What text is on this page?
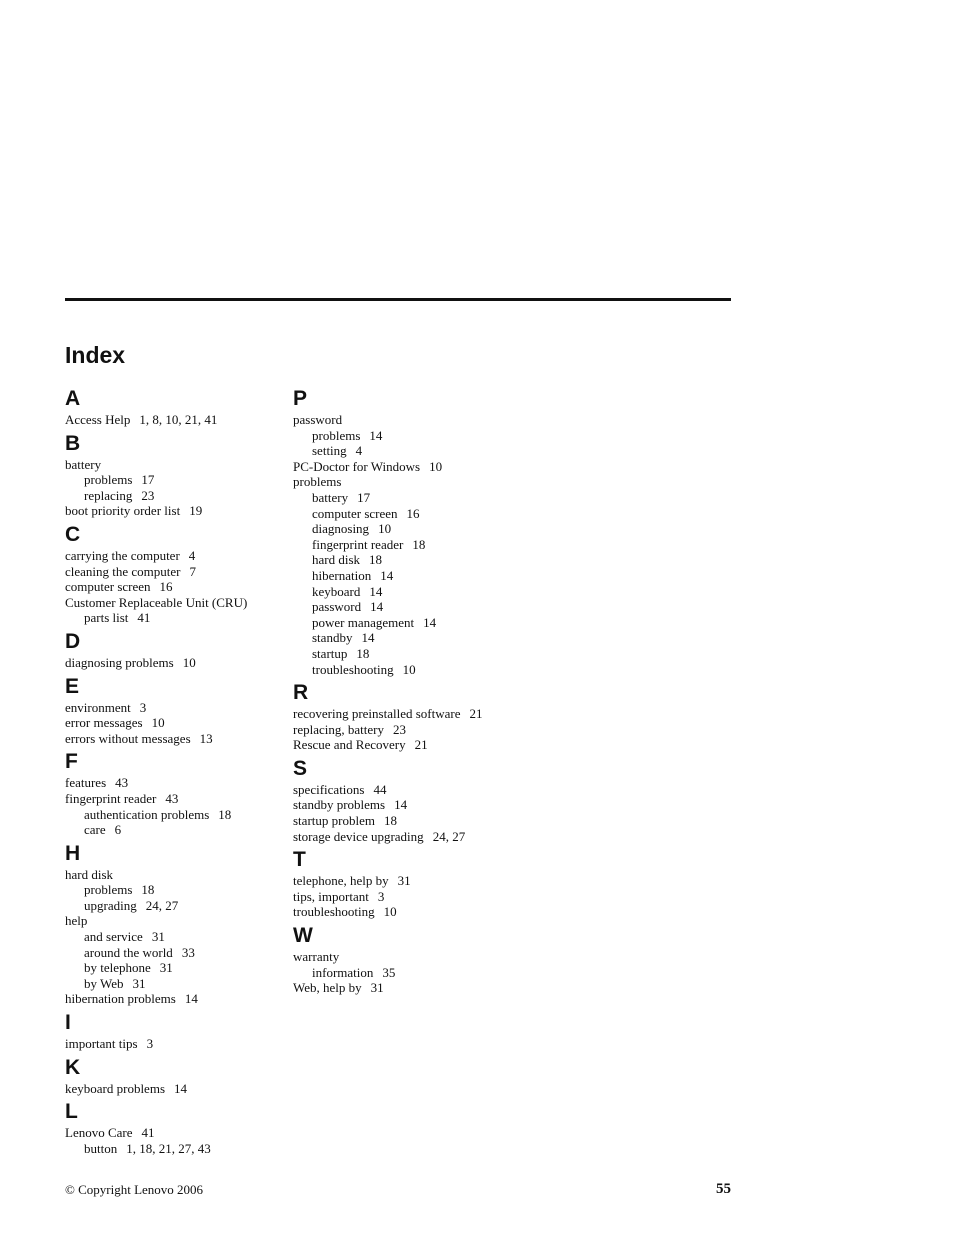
Index
A
Access Help 1, 8, 10, 21, 41
B
battery
problems 17
replacing 23
boot priority order list 19
C
carrying the computer 4
cleaning the computer 7
computer screen 16
Customer Replaceable Unit (CRU)
parts list 41
D
diagnosing problems 10
E
environment 3
error messages 10
errors without messages 13
F
features 43
fingerprint reader 43
authentication problems 18
care 6
H
hard disk
problems 18
upgrading 24, 27
help
and service 31
around the world 33
by telephone 31
by Web 31
hibernation problems 14
I
important tips 3
K
keyboard problems 14
L
Lenovo Care 41
button 1, 18, 21, 27, 43
P
password
problems 14
setting 4
PC-Doctor for Windows 10
problems
battery 17
computer screen 16
diagnosing 10
fingerprint reader 18
hard disk 18
hibernation 14
keyboard 14
password 14
power management 14
standby 14
startup 18
troubleshooting 10
R
recovering preinstalled software 21
replacing, battery 23
Rescue and Recovery 21
S
specifications 44
standby problems 14
startup problem 18
storage device upgrading 24, 27
T
telephone, help by 31
tips, important 3
troubleshooting 10
W
warranty
information 35
Web, help by 31
© Copyright Lenovo 2006	55
